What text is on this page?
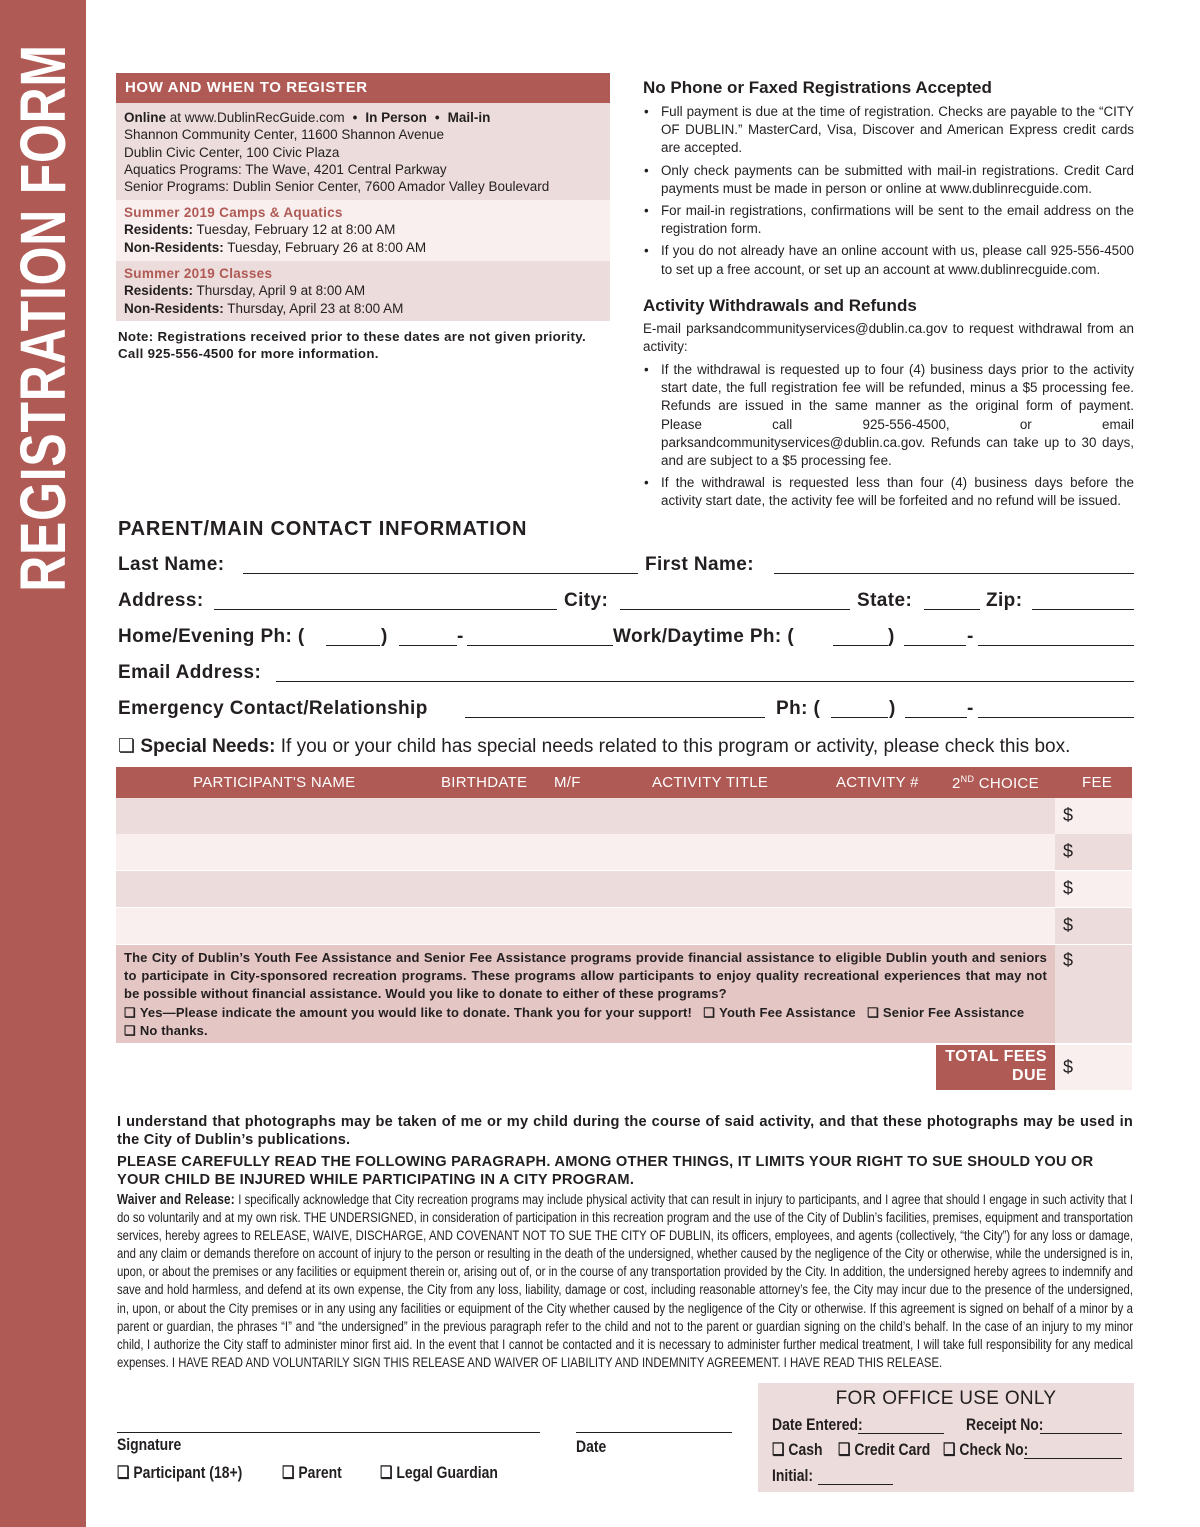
REGISTRATION FORM	HOW AND WHEN TO REGISTER
Online at www.DublinRecGuide.com • In Person • Mail-in
Shannon Community Center, 11600 Shannon Avenue
Dublin Civic Center, 100 Civic Plaza
Aquatics Programs: The Wave, 4201 Central Parkway
Senior Programs: Dublin Senior Center, 7600 Amador Valley Boulevard
Summer 2019 Camps & Aquatics
Residents: Tuesday, February 12 at 8:00 AM
Non-Residents: Tuesday, February 26 at 8:00 AM
Summer 2019 Classes
Residents: Thursday, April 9 at 8:00 AM
Non-Residents: Thursday, April 23 at 8:00 AM
Note: Registrations received prior to these dates are not given priority. Call 925-556-4500 for more information.
No Phone or Faxed Registrations Accepted
• Full payment is due at the time of registration. Checks are payable to the “CITY OF DUBLIN.” MasterCard, Visa, Discover and American Express credit cards are accepted.
• Only check payments can be submitted with mail-in registrations. Credit Card payments must be made in person or online at www.dublinrecguide.com.
• For mail-in registrations, confirmations will be sent to the email address on the registration form.
• If you do not already have an online account with us, please call 925-556-4500 to set up a free account, or set up an account at www.dublinrecguide.com.
Activity Withdrawals and Refunds
E-mail parksandcommunityservices@dublin.ca.gov to request withdrawal from an activity:
• If the withdrawal is requested up to four (4) business days prior to the activity start date, the full registration fee will be refunded, minus a $5 processing fee. Refunds are issued in the same manner as the original form of payment. Please call 925-556-4500, or email parksandcommunityservices@dublin.ca.gov. Refunds can take up to 30 days, and are subject to a $5 processing fee.
• If the withdrawal is requested less than four (4) business days before the activity start date, the activity fee will be forfeited and no refund will be issued.
PARENT/MAIN CONTACT INFORMATION
Last Name:	First Name:
Address:	City:	State:	Zip:
Home/Evening Ph: (	)	-	Work/Daytime Ph: (	)	-
Email Address:
Emergency Contact/Relationship	Ph: (	)	-
❏ Special Needs: If you or your child has special needs related to this program or activity, please check this box.
PARTICIPANT'S NAME	BIRTHDATE M/F	ACTIVITY TITLE	ACTIVITY # 2ND CHOICE	FEE
$
$
$
$
The City of Dublin’s Youth Fee Assistance and Senior Fee Assistance programs provide financial assistance to eligible Dublin youth and seniors to participate in City-sponsored recreation programs. These programs allow participants to enjoy quality recreational experiences that may not be possible without financial assistance. Would you like to donate to either of these programs?
❏ Yes—Please indicate the amount you would like to donate. Thank you for your support! ❏ Youth Fee Assistance ❏ Senior Fee Assistance
❏ No thanks.
$
TOTAL FEES
DUE $
I understand that photographs may be taken of me or my child during the course of said activity, and that these photographs may be used in the City of Dublin’s publications.
PLEASE CAREFULLY READ THE FOLLOWING PARAGRAPH. AMONG OTHER THINGS, IT LIMITS YOUR RIGHT TO SUE SHOULD YOU OR YOUR CHILD BE INJURED WHILE PARTICIPATING IN A CITY PROGRAM.
Waiver and Release: I specifically acknowledge that City recreation programs may include physical activity that can result in injury to participants, and I agree that should I engage in such activity that I do so voluntarily and at my own risk. THE UNDERSIGNED, in consideration of participation in this recreation program and the use of the City of Dublin’s facilities, premises, equipment and transportation services, hereby agrees to RELEASE, WAIVE, DISCHARGE, AND COVENANT NOT TO SUE THE CITY OF DUBLIN, its officers, employees, and agents (collectively, “the City”) for any loss or damage, and any claim or demands therefore on account of injury to the person or resulting in the death of the undersigned, whether caused by the negligence of the City or otherwise, while the undersigned is in, upon, or about the premises or any facilities or equipment therein or, arising out of, or in the course of any transportation provided by the City. In addition, the undersigned hereby agrees to indemnify and save and hold harmless, and defend at its own expense, the City from any loss, liability, damage or cost, including reasonable attorney’s fee, the City may incur due to the presence of the undersigned, in, upon, or about the City premises or in any using any facilities or equipment of the City whether caused by the negligence of the City or otherwise. If this agreement is signed on behalf of a minor by a parent or guardian, the phrases “I” and “the undersigned” in the previous paragraph refer to the child and not to the parent or guardian signing on the child’s behalf. In the case of an injury to my minor child, I authorize the City staff to administer minor first aid. In the event that I cannot be contacted and it is necessary to administer further medical treatment, I will take full responsibility for any medical expenses. I HAVE READ AND VOLUNTARILY SIGN THIS RELEASE AND WAIVER OF LIABILITY AND INDEMNITY AGREEMENT. I HAVE READ THIS RELEASE.
Signature	Date
❏ Participant (18+)	❏ Parent	❏ Legal Guardian
FOR OFFICE USE ONLY
Date Entered:	Receipt No:
❏ Cash ❏ Credit Card ❏ Check No:
Initial:
